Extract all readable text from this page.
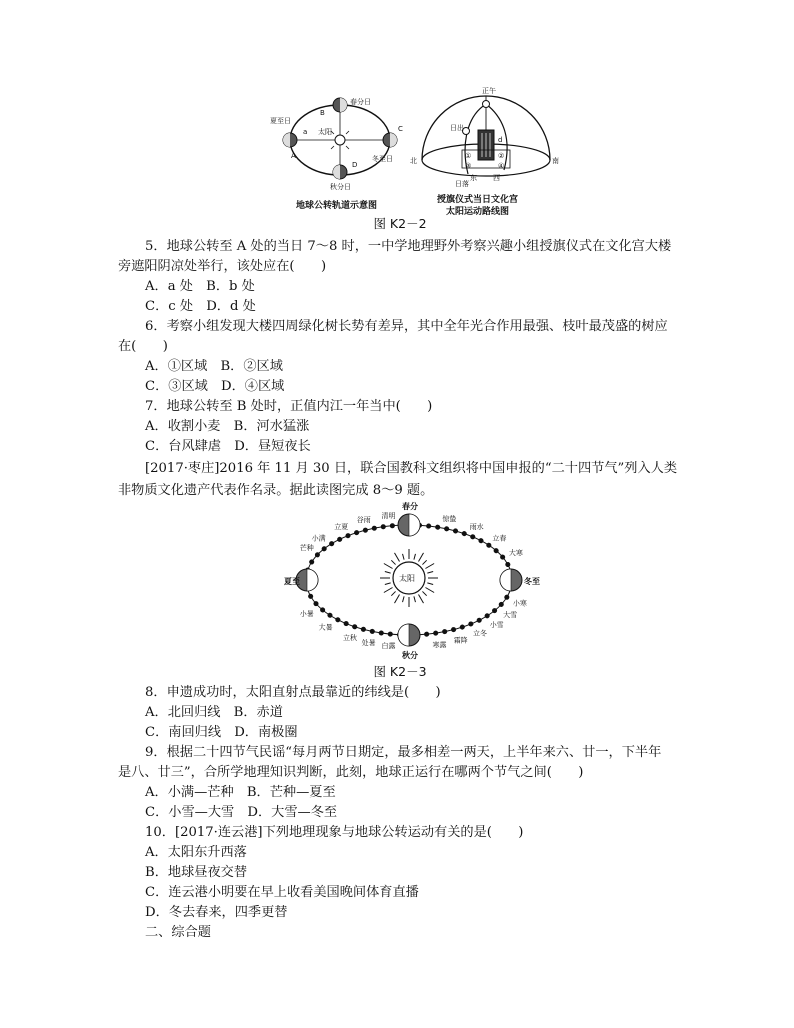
太阳
春分日
夏至日
冬至日
秋分日
A
B
C
D
a
地球公转轨道示意图
①	②
③	④
正午
日出
日落
北	南
东 西
d
授旗仪式当日文化宫
太阳运动路线图
图 K2－2
5．地球公转至 A 处的当日 7～8 时，一中学地理野外考察兴趣小组授旗仪式在文化宫大楼
旁遮阳阴凉处举行，该处应在(　　)
A．a 处　B．b 处
C．c 处　D．d 处
6．考察小组发现大楼四周绿化树长势有差异，其中全年光合作用最强、枝叶最茂盛的树应
在(　　)
A．①区域　B．②区域
C．③区域　D．④区域
7．地球公转至 B 处时，正值内江一年当中(　　)
A．收割小麦　B．河水猛涨
C．台风肆虐　D．昼短夜长
[2017·枣庄]2016 年 11 月 30 日，联合国教科文组织将中国申报的“二十四节气”列入人类
非物质文化遗产代表作名录。据此读图完成 8～9 题。
太阳
春分
夏至	冬至
秋分
立夏
谷雨 清明	惊蛰
雨水
立春
大寒
芒种
小满
小暑
大暑
立秋
处暑 白露	寒露
霜降
立冬
小雪
大雪
小寒
图 K2－3
8．申遗成功时，太阳直射点最靠近的纬线是(　　)
A．北回归线　B．赤道
C．南回归线　D．南极圈
9．根据二十四节气民谣“每月两节日期定，最多相差一两天，上半年来六、廿一，下半年
是八、廿三”，合所学地理知识判断，此刻，地球正运行在哪两个节气之间(　　)
A．小满—芒种　B．芒种—夏至
C．小雪—大雪　D．大雪—冬至
10．[2017·连云港]下列地理现象与地球公转运动有关的是(　　)
A．太阳东升西落
B．地球昼夜交替
C．连云港小明要在早上收看美国晚间体育直播
D．冬去春来，四季更替
二、综合题
